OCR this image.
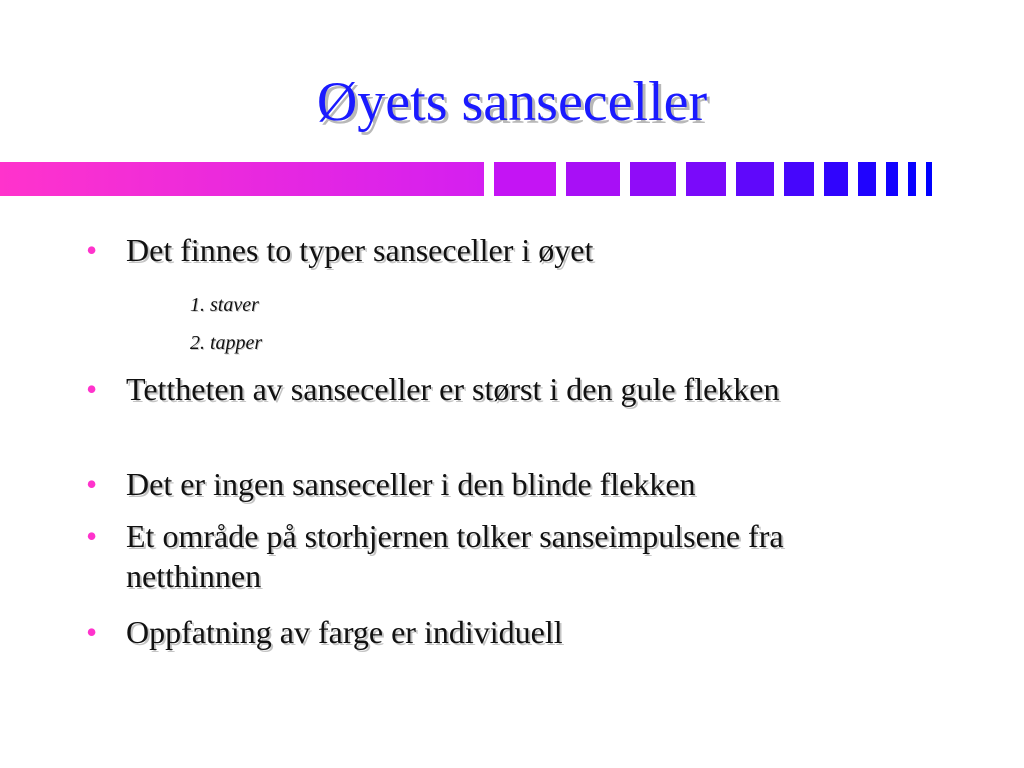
Øyets sanseceller
• Det finnes to typer sanseceller i øyet
1. staver
2. tapper
• Tettheten av sanseceller er størst i den gule flekken
• Det er ingen sanseceller i den blinde flekken
• Et område på storhjernen tolker sanseimpulsene fra netthinnen
• Oppfatning av farge er individuell
